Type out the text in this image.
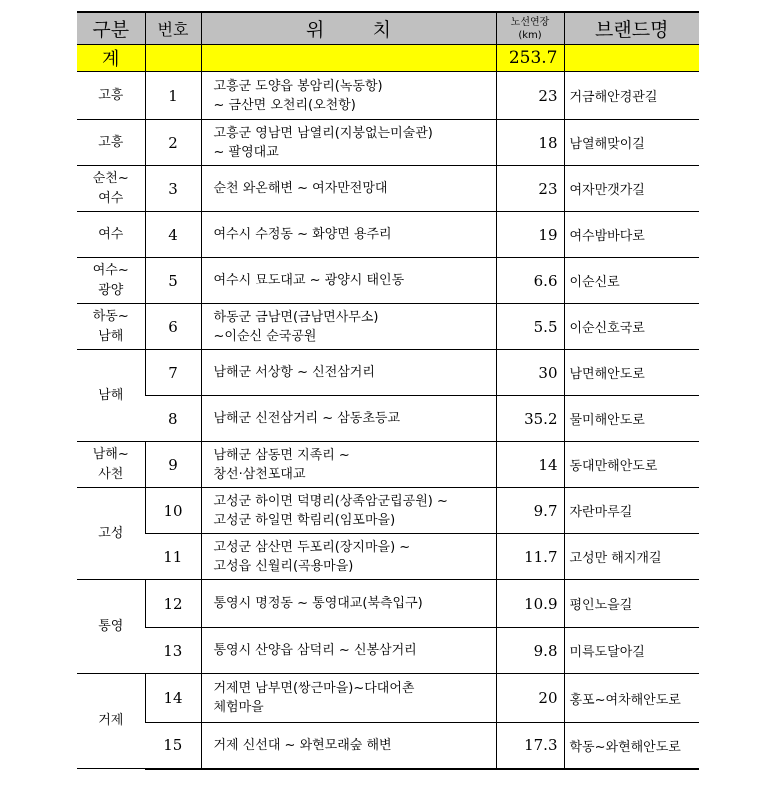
구분	번호	위        치	노선연장
(km)	브랜드명
계			253.7	

고흥	1	고흥군 도양읍 봉암리(녹동항)
~ 금산면 오천리(오천항)	23	거금해안경관길

고흥	2	고흥군 영남면 남열리(지붕없는미술관)
~ 팔영대교	18	남열해맞이길

순천~
여수	3	순천 와온해변 ~ 여자만전망대	23	여자만갯가길

여수	4	여수시 수정동 ~ 화양면 용주리	19	여수밤바다로

여수~
광양	5	여수시 묘도대교 ~ 광양시 태인동	6.6	이순신로

하동~
남해	6	하동군 금남면(금남면사무소)
~이순신 순국공원	5.5	이순신호국로

남해	7	남해군 서상항 ~ 신전삼거리	30	남면해안도로
	8	남해군 신전삼거리 ~ 삼동초등교	35.2	물미해안도로

남해~
사천	9	남해군 삼동면 지족리 ~
창선·삼천포대교	14	동대만해안도로

고성	10	고성군 하이면 덕명리(상족암군립공원) ~
고성군 하일면 학림리(임포마을)	9.7	자란마루길
	11	고성군 삼산면 두포리(장지마을) ~
고성읍 신월리(곡용마을)	11.7	고성만 해지개길

통영	12	통영시 명정동 ~ 통영대교(북측입구)	10.9	평인노을길
	13	통영시 산양읍 삼덕리 ~ 신봉삼거리	9.8	미륵도달아길

거제	14	거제면 남부면(쌍근마을)~다대어촌
체험마을	20	홍포~여차해안도로
	15	거제 신선대 ~ 와현모래숲 해변	17.3	학동~와현해안도로
